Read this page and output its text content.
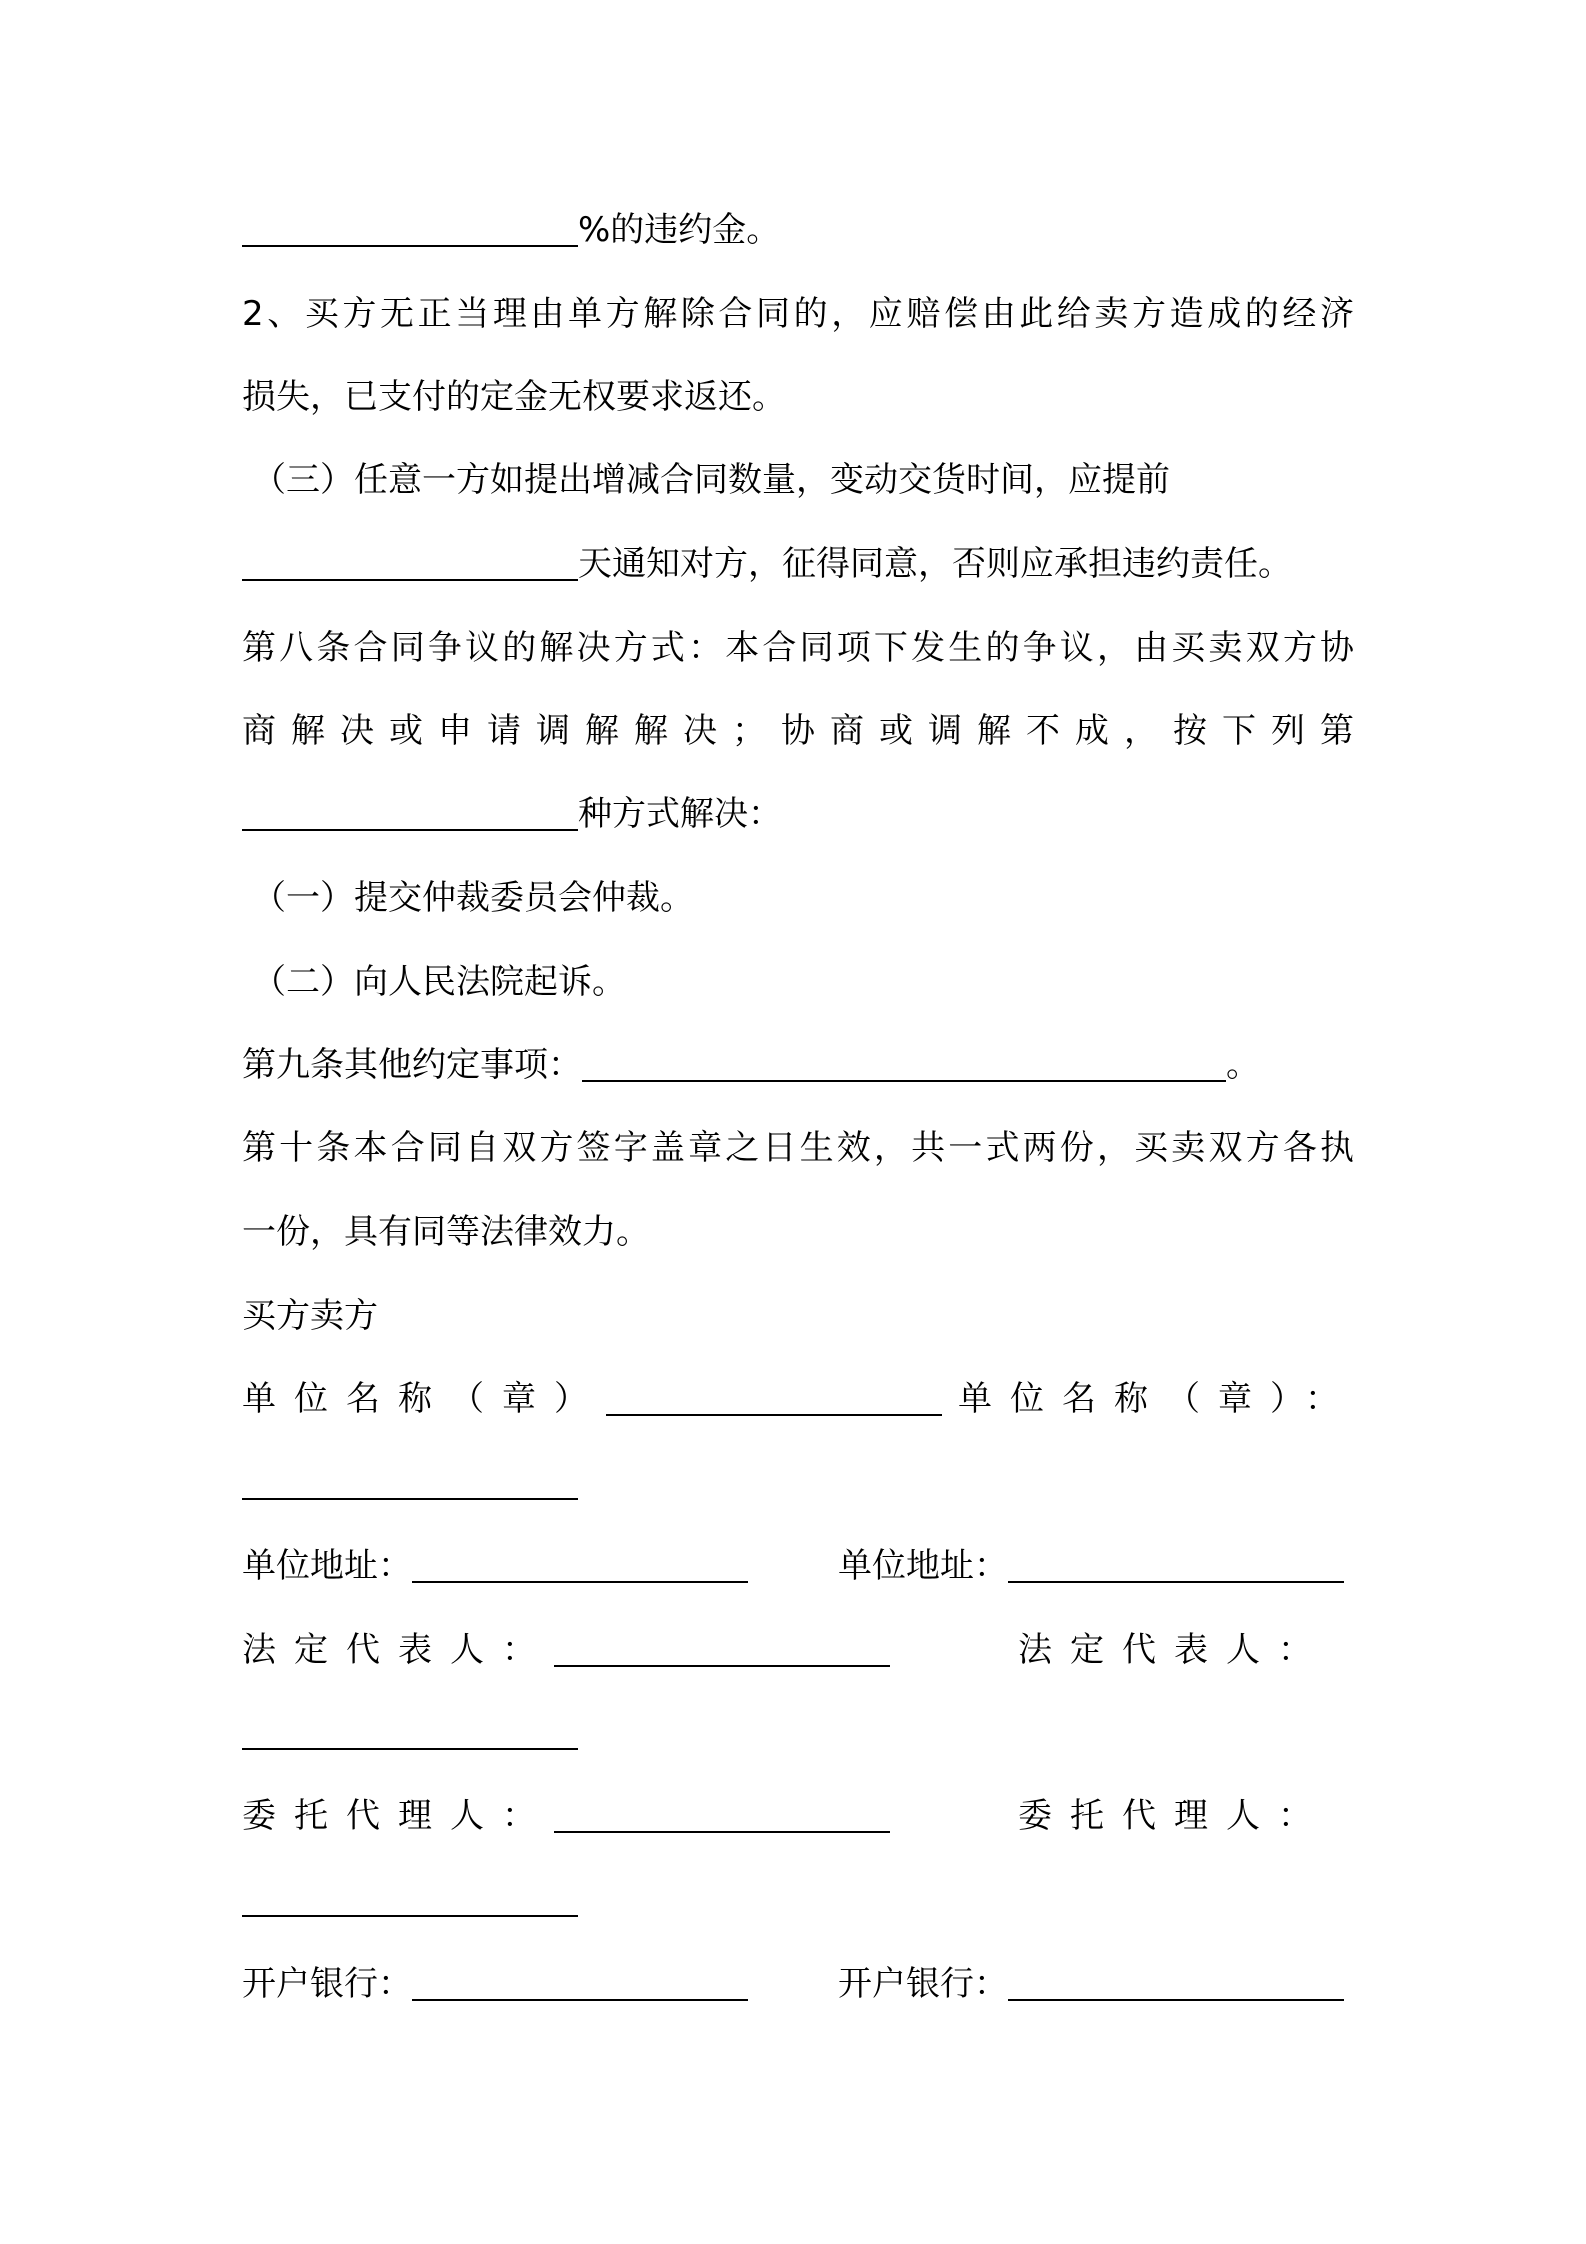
%的违约金。
2、买方无正当理由单方解除合同的，应赔偿由此给卖方造成的经济
损失，已支付的定金无权要求返还。
（三）任意一方如提出增减合同数量，变动交货时间，应提前
天通知对方，征得同意，否则应承担违约责任。
第八条合同争议的解决方式：本合同项下发生的争议，由买卖双方协
商解决或申请调解解决；协商或调解不成，按下列第
种方式解决：
（一）提交仲裁委员会仲裁。
（二）向人民法院起诉。
第九条其他约定事项：	。
第十条本合同自双方签字盖章之日生效，共一式两份，买卖双方各执
一份，具有同等法律效力。
买方卖方
单位名称（章）	单位名称（章）：
单位地址：	单位地址：
法定代表人：	法定代表人：
委托代理人：	委托代理人：
开户银行：	开户银行：
